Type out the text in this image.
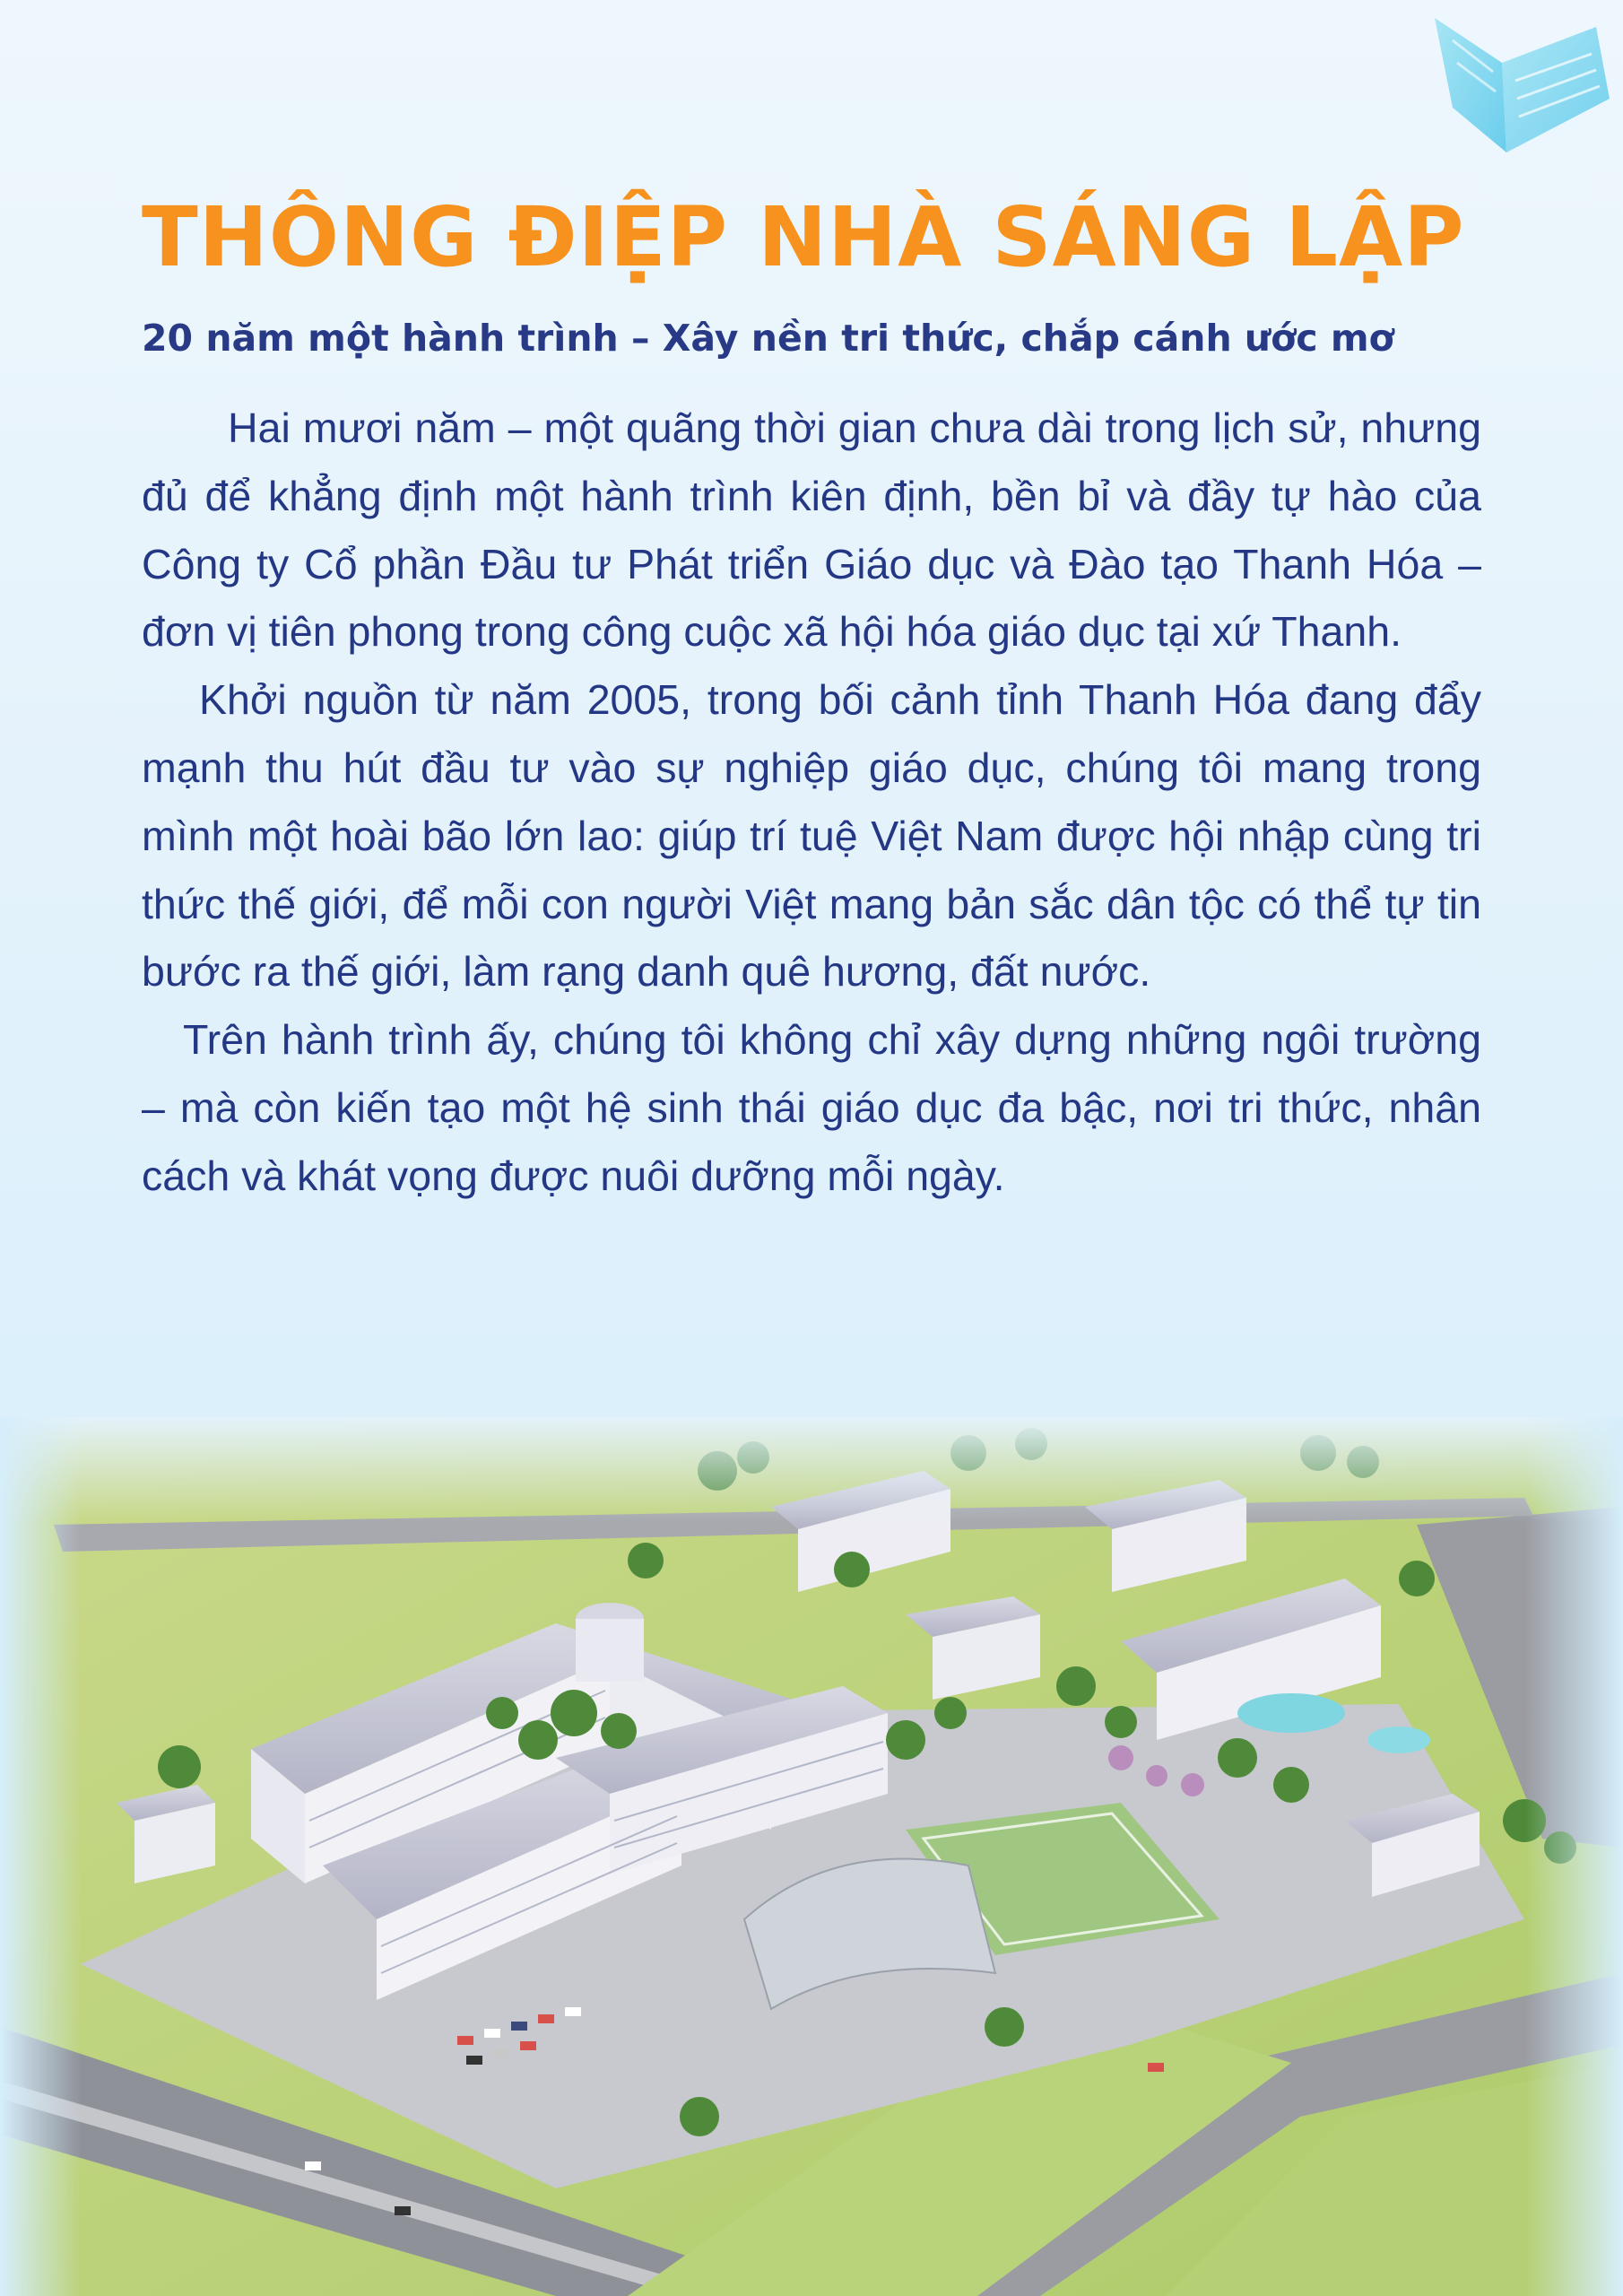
THÔNG ĐIỆP NHÀ SÁNG LẬP
20 năm một hành trình – Xây nền tri thức, chắp cánh ước mơ

Hai mươi năm – một quãng thời gian chưa dài trong lịch sử, nhưng đủ để khẳng định một hành trình kiên định, bền bỉ và đầy tự hào của Công ty Cổ phần Đầu tư Phát triển Giáo dục và Đào tạo Thanh Hóa – đơn vị tiên phong trong công cuộc xã hội hóa giáo dục tại xứ Thanh.

Khởi nguồn từ năm 2005, trong bối cảnh tỉnh Thanh Hóa đang đẩy mạnh thu hút đầu tư vào sự nghiệp giáo dục, chúng tôi mang trong mình một hoài bão lớn lao: giúp trí tuệ Việt Nam được hội nhập cùng tri thức thế giới, để mỗi con người Việt mang bản sắc dân tộc có thể tự tin bước ra thế giới, làm rạng danh quê hương, đất nước.

Trên hành trình ấy, chúng tôi không chỉ xây dựng những ngôi trường – mà còn kiến tạo một hệ sinh thái giáo dục đa bậc, nơi tri thức, nhân cách và khát vọng được nuôi dưỡng mỗi ngày.
